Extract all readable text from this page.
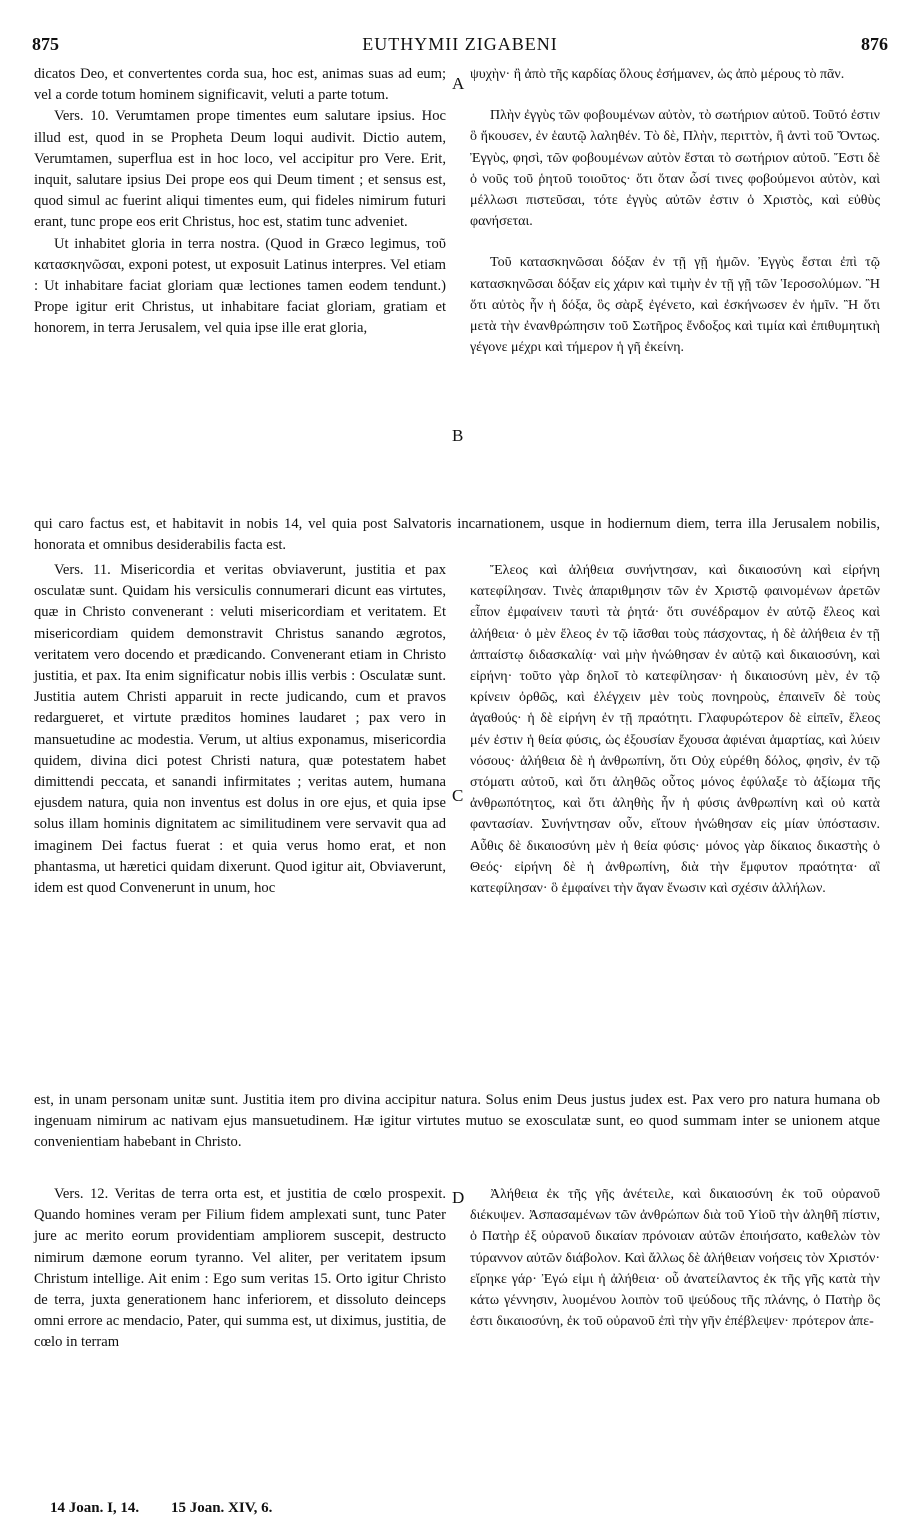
875	EUTHYMII ZIGABENI	876

dicatos Deo, et convertentes corda sua, hoc est, animas suas ad eum; vel a corde totum hominem significavit, veluti a parte totum.

Vers. 10. Verumtamen prope timentes eum salutare ipsius. Hoc illud est, quod in se Propheta Deum loqui audivit. Dictio autem, Verumtamen, superflua est in hoc loco, vel accipitur pro Vere. Erit, inquit, salutare ipsius Dei prope eos qui Deum timent ; et sensus est, quod simul ac fuerint aliqui timentes eum, qui fideles nimirum futuri erant, tunc prope eos erit Christus, hoc est, statim tunc adveniet.

Ut inhabitet gloria in terra nostra. (Quod in Græco legimus, τοῦ κατασκηνῶσαι, exponi potest, ut exposuit Latinus interpres. Vel etiam : Ut inhabitare faciat gloriam quæ lectiones tamen eodem tendunt.) Prope igitur erit Christus, ut inhabitare faciat gloriam, gratiam et honorem, in terra Jerusalem, vel quia ipse ille erat gloria,

ψυχὴν· ἢ ἀπὸ τῆς καρδίας ὅλους ἐσήμανεν, ὡς ἀπὸ μέρους τὸ πᾶν.

Πλὴν ἐγγὺς τῶν φοβουμένων αὐτὸν, τὸ σωτήριον αὐτοῦ. Τοῦτό ἐστιν ὃ ἤκουσεν, ἐν ἑαυτῷ λαληθέν. Τὸ δὲ, Πλὴν, περιττὸν, ἢ ἀντὶ τοῦ Ὄντως. Ἐγγὺς, φησὶ, τῶν φοβουμένων αὐτὸν ἔσται τὸ σωτήριον αὐτοῦ. Ἔστι δὲ ὁ νοῦς τοῦ ῥητοῦ τοιοῦτος· ὅτι ὅταν ὦσί τινες φοβούμενοι αὐτὸν, καὶ μέλλωσι πιστεῦσαι, τότε ἐγγὺς αὐτῶν ἐστιν ὁ Χριστὸς, καὶ εὐθὺς φανήσεται.

Τοῦ κατασκηνῶσαι δόξαν ἐν τῇ γῇ ἡμῶν. Ἐγγὺς ἔσται ἐπὶ τῷ κατασκηνῶσαι δόξαν εἰς χάριν καὶ τιμὴν ἐν τῇ γῇ τῶν Ἱεροσολύμων. Ἢ ὅτι αὐτὸς ἦν ἡ δόξα, ὃς σὰρξ ἐγένετο, καὶ ἐσκήνωσεν ἐν ἡμῖν. Ἢ ὅτι μετὰ τὴν ἐνανθρώπησιν τοῦ Σωτῆρος ἔνδοξος καὶ τιμία καὶ ἐπιθυμητικὴ γέγονε μέχρι καὶ τήμερον ἡ γῆ ἐκείνη.

qui caro factus est, et habitavit in nobis 14, vel quia post Salvatoris incarnationem, usque in hodiernum diem, terra illa Jerusalem nobilis, honorata et omnibus desiderabilis facta est.

Vers. 11. Misericordia et veritas obviaverunt, justitia et pax osculatæ sunt. Quidam his versiculis connumerari dicunt eas virtutes, quæ in Christo convenerant : veluti misericordiam et veritatem. Et misericordiam quidem demonstravit Christus sanando ægrotos, veritatem vero docendo et prædicando. Convenerant etiam in Christo justitia, et pax. Ita enim significatur nobis illis verbis : Osculatæ sunt. Justitia autem Christi apparuit in recte judicando, cum et pravos redargueret, et virtute præditos homines laudaret ; pax vero in mansuetudine ac modestia. Verum, ut altius exponamus, misericordia quidem, divina dici potest Christi natura, quæ potestatem habet dimittendi peccata, et sanandi infirmitates ; veritas autem, humana ejusdem natura, quia non inventus est dolus in ore ejus, et quia ipse solus illam hominis dignitatem ac similitudinem vere servavit qua ad imaginem Dei factus fuerat : et quia verus homo erat, et non phantasma, ut hæretici quidam dixerunt. Quod igitur ait, Obviaverunt, idem est quod Convenerunt in unum, hoc

Ἔλεος καὶ ἀλήθεια συνήντησαν, καὶ δικαιοσύνη καὶ εἰρήνη κατεφίλησαν. Τινὲς ἀπαριθμησιν τῶν ἐν Χριστῷ φαινομένων ἀρετῶν εἶπον ἐμφαίνειν ταυτὶ τὰ ῥητά· ὅτι συνέδραμον ἐν αὐτῷ ἔλεος καὶ ἀλήθεια· ὁ μὲν ἔλεος ἐν τῷ ἰᾶσθαι τοὺς πάσχοντας, ἡ δὲ ἀλήθεια ἐν τῇ ἀπταίστῳ διδασκαλίᾳ· ναὶ μὴν ἡνώθησαν ἐν αὐτῷ καὶ δικαιοσύνη, καὶ εἰρήνη· τοῦτο γὰρ δηλοῖ τὸ κατεφίλησαν· ἡ δικαιοσύνη μὲν, ἐν τῷ κρίνειν ὀρθῶς, καὶ ἐλέγχειν μὲν τοὺς πονηροὺς, ἐπαινεῖν δὲ τοὺς ἀγαθούς· ἡ δὲ εἰρήνη ἐν τῇ πραότητι. Γλαφυρώτερον δὲ εἰπεῖν, ἔλεος μέν ἐστιν ἡ θεία φύσις, ὡς ἐξουσίαν ἔχουσα ἀφιέναι ἁμαρτίας, καὶ λύειν νόσους· ἀλήθεια δὲ ἡ ἀνθρωπίνη, ὅτι Οὐχ εὑρέθη δόλος, φησὶν, ἐν τῷ στόματι αὐτοῦ, καὶ ὅτι ἀληθῶς οὗτος μόνος ἐφύλαξε τὸ ἀξίωμα τῆς ἀνθρωπότητος, καὶ ὅτι ἀληθὴς ἦν ἡ φύσις ἀνθρωπίνη καὶ οὐ κατὰ φαντασίαν. Συνήντησαν οὖν, εἴτουν ἡνώθησαν εἰς μίαν ὑπόστασιν. Αὖθις δὲ δικαιοσύνη μὲν ἡ θεία φύσις· μόνος γὰρ δίκαιος δικαστὴς ὁ Θεός· εἰρήνη δὲ ἡ ἀνθρωπίνη, διὰ τὴν ἔμφυτον πραότητα· αἳ κατεφίλησαν· ὃ ἐμφαίνει τὴν ἄγαν ἕνωσιν καὶ σχέσιν ἀλλήλων.

est, in unam personam unitæ sunt. Justitia item pro divina accipitur natura. Solus enim Deus justus judex est. Pax vero pro natura humana ob ingenuam nimirum ac nativam ejus mansuetudinem. Hæ igitur virtutes mutuo se exosculatæ sunt, eo quod summam inter se unionem atque convenientiam habebant in Christo.

Vers. 12. Veritas de terra orta est, et justitia de cœlo prospexit. Quando homines veram per Filium fidem amplexati sunt, tunc Pater jure ac merito eorum providentiam ampliorem suscepit, destructo nimirum dæmone eorum tyranno. Vel aliter, per veritatem ipsum Christum intellige. Ait enim : Ego sum veritas 15. Orto igitur Christo de terra, juxta generationem hanc inferiorem, et dissoluto deinceps omni errore ac mendacio, Pater, qui summa est, ut diximus, justitia, de cœlo in terram

Ἀλήθεια ἐκ τῆς γῆς ἀνέτειλε, καὶ δικαιοσύνη ἐκ τοῦ οὐρανοῦ διέκυψεν. Ἀσπασαμένων τῶν ἀνθρώπων διὰ τοῦ Υἱοῦ τὴν ἀληθῆ πίστιν, ὁ Πατὴρ ἐξ οὐρανοῦ δικαίαν πρόνοιαν αὐτῶν ἐποιήσατο, καθελὼν τὸν τύραννον αὐτῶν διάβολον. Καὶ ἄλλως δὲ ἀλήθειαν νοήσεις τὸν Χριστόν· εἴρηκε γάρ· Ἐγώ εἰμι ἡ ἀλήθεια· οὗ ἀνατείλαντος ἐκ τῆς γῆς κατὰ τὴν κάτω γέννησιν, λυομένου λοιπὸν τοῦ ψεύδους τῆς πλάνης, ὁ Πατὴρ ὃς ἐστι δικαιοσύνη, ἐκ τοῦ οὐρανοῦ ἐπὶ τὴν γῆν ἐπέβλεψεν· πρότερον ἀπε-

A
B
C
D
14 Joan. I, 14. 15 Joan. XIV, 6.
